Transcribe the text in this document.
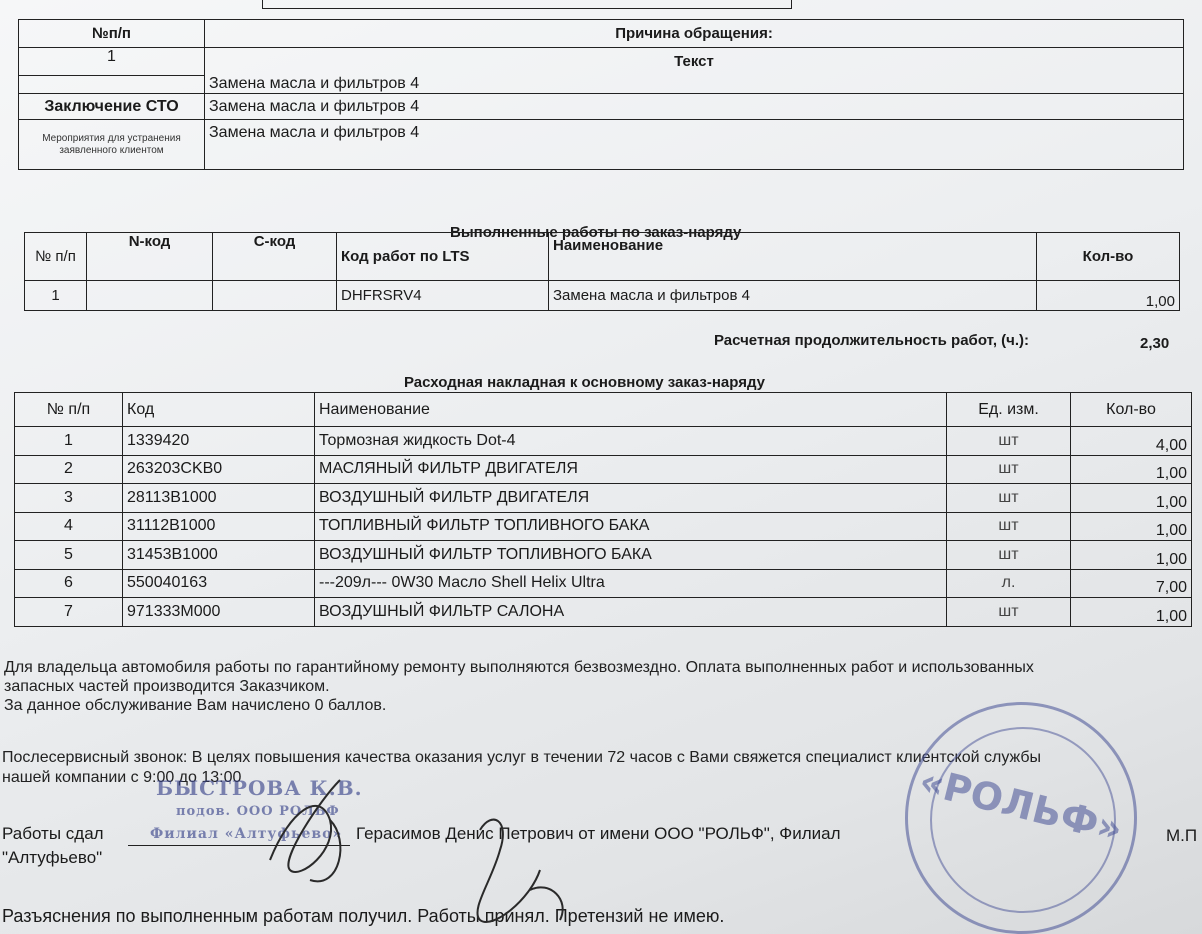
№п/п	Причина обращения:
1	Текст

	Замена масла и фильтров 4
Заключение СТО	Замена масла и фильтров 4
Мероприятия для устранения заявленного клиентом	Замена масла и фильтров 4
Выполненные работы по заказ-наряду
№ п/п	N-код	С-код	Код работ по LTS	Наименование	Кол-во
1			DHFRSRV4	Замена масла и фильтров 4	1,00
Расчетная продолжительность работ, (ч.):	2,30
Расходная накладная к основному заказ-наряду
№ п/п	Код	Наименование	Ед. изм.	Кол-во
1	1339420	Тормозная жидкость Dot-4	шт	4,00
2	263203CKB0	МАСЛЯНЫЙ ФИЛЬТР ДВИГАТЕЛЯ	шт	1,00
3	28113B1000	ВОЗДУШНЫЙ ФИЛЬТР ДВИГАТЕЛЯ	шт	1,00
4	31112B1000	ТОПЛИВНЫЙ ФИЛЬТР ТОПЛИВНОГО БАКА	шт	1,00
5	31453B1000	ВОЗДУШНЫЙ ФИЛЬТР ТОПЛИВНОГО БАКА	шт	1,00
6	550040163	---209л--- 0W30 Масло Shell Helix Ultra	л.	7,00
7	971333M000	ВОЗДУШНЫЙ ФИЛЬТР САЛОНА	шт	1,00
Для владельца автомобиля работы по гарантийному ремонту выполняются безвозмездно. Оплата выполненных работ и использованных
запасных частей производится Заказчиком.
За данное обслуживание Вам начислено 0 баллов.
Послесервисный звонок: В целях повышения качества оказания услуг в течении 72 часов с Вами свяжется специалист клиентской службы
нашей компании с 9:00 до 13:00
Работы сдал	Герасимов Денис Петрович от имени ООО "РОЛЬФ", Филиал
"Алтуфьево"
М.П
Разъяснения по выполненным работам получил. Работы принял. Претензий не имею.
БЫСТРОВА К.В.
подов. ООО РОЛЬФ
Филиал «Алтуфьево»	«РОЛЬФ»
